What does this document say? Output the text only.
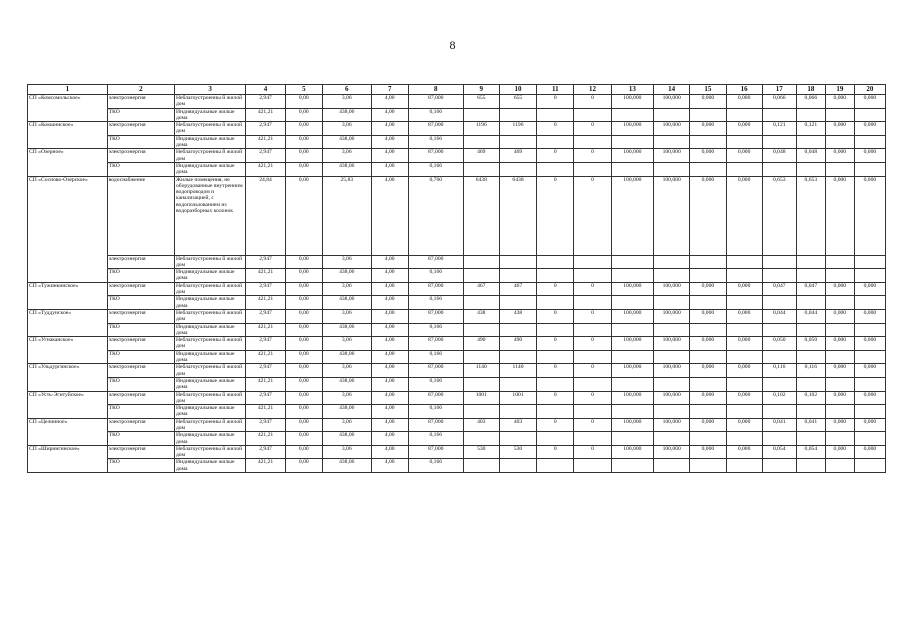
8
1	2	3	4	5	6	7	8	9	10	11	12	13	14	15	16	17	18	19	20
СП «Комсомольское»	электроэнергия	Неблагоустроенны й жилой дом	2,947	0,00	3,06	4,00	87,000	655	655	0	0	100,000	100,000	0,000	0,000	0,066	0,066	0,000	0,000
	ТКО	Индивидуальные жилые дома	421,21	0,00	438,06	4,00	0,166												
СП «Кокшинское»	электроэнергия	Неблагоустроенны й жилой дом	2,947	0,00	3,06	4,00	87,000	1196	1196	0	0	100,000	100,000	0,000	0,000	0,121	0,121	0,000	0,000
	ТКО	Индивидуальные жилые дома	421,21	0,00	438,06	4,00	0,166												
СП «Озерное»	электроэнергия	Неблагоустроенны й жилой дом	2,947	0,00	3,06	4,00	87,000	469	469	0	0	100,000	100,000	0,000	0,000	0,048	0,048	0,000	0,000
	ТКО	Индивидуальные жилые дома	421,21	0,00	438,06	4,00	0,166												
СП «Сосново-Озерское»	водоснабжение	Жилые помещения, не оборудованные внутренним водопроводом и канализацией, с водопользованием из водоразборных колонок	24,84	0,00	25,83	4,00	0,760	6438	6438	0	0	100,000	100,000	0,000	0,000	0,653	0,653	0,000	0,000
	электроэнергия	Неблагоустроенны й жилой дом	2,947	0,00	3,06	4,00	87,000												
	ТКО	Индивидуальные жилые дома	421,21	0,00	438,06	4,00	0,166												
СП «Тужинкинское»	электроэнергия	Неблагоустроенны й жилой дом	2,947	0,00	3,06	4,00	87,000	467	467	0	0	100,000	100,000	0,000	0,000	0,047	0,047	0,000	0,000
	ТКО	Индивидуальные жилые дома	421,21	0,00	438,06	4,00	0,166												
СП «Туддунское»	электроэнергия	Неблагоустроенны й жилой дом	2,947	0,00	3,06	4,00	87,000	438	438	0	0	100,000	100,000	0,000	0,000	0,044	0,044	0,000	0,000
	ТКО	Индивидуальные жилые дома	421,21	0,00	438,06	4,00	0,166												
СП «Угнаканское»	электроэнергия	Неблагоустроенны й жилой дом	2,947	0,00	3,06	4,00	87,000	490	490	0	0	100,000	100,000	0,000	0,000	0,050	0,050	0,000	0,000
	ТКО	Индивидуальные жилые дома	421,21	0,00	438,06	4,00	0,166												
СП «Ульдургинское»	электроэнергия	Неблагоустроенны й жилой дом	2,947	0,00	3,06	4,00	87,000	1140	1140	0	0	100,000	100,000	0,000	0,000	0,116	0,116	0,000	0,000
	ТКО	Индивидуальные жилые дома	421,21	0,00	438,06	4,00	0,166												
СП «Усть-Эгитуйское»	электроэнергия	Неблагоустроенны й жилой дом	2,947	0,00	3,06	4,00	87,000	1001	1001	0	0	100,000	100,000	0,000	0,000	0,102	0,102	0,000	0,000
	ТКО	Индивидуальные жилые дома	421,21	0,00	438,06	4,00	0,166												
СП «Целинное»	электроэнергия	Неблагоустроенны й жилой дом	2,947	0,00	3,06	4,00	87,000	403	403	0	0	100,000	100,000	0,000	0,000	0,041	0,041	0,000	0,000
	ТКО	Индивидуальные жилые дома	421,21	0,00	438,06	4,00	0,166												
СП «Ширингинское»	электроэнергия	Неблагоустроенны й жилой дом	2,947	0,00	3,06	4,00	87,000	530	530	0	0	100,000	100,000	0,000	0,000	0,054	0,054	0,000	0,000
	ТКО	Индивидуальные жилые дома	421,21	0,00	438,06	4,00	0,166												
